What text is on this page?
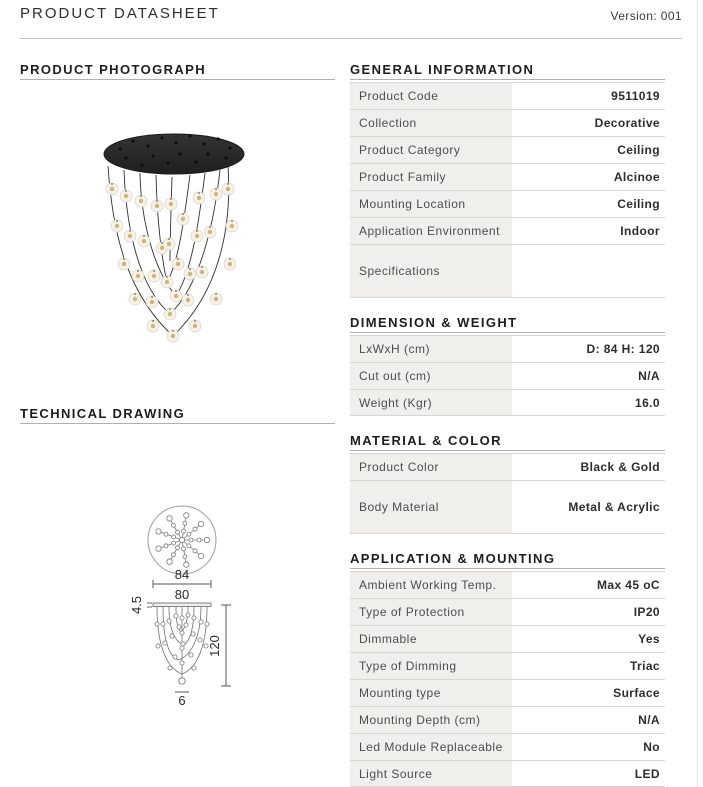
PRODUCT DATASHEET	Version: 001
PRODUCT PHOTOGRAPH
TECHNICAL DRAWING
84
80
4.5
120
6
GENERAL INFORMATION
Product Code	9511019
Collection	Decorative
Product Category	Ceiling
Product Family	Alcinoe
Mounting Location	Ceiling
Application Environment	Indoor
Specifications
DIMENSION & WEIGHT
LxWxH (cm)	D: 84 H: 120
Cut out (cm)	N/A
Weight (Kgr)	16.0
MATERIAL & COLOR
Product Color	Black & Gold
Body Material	Metal & Acrylic
APPLICATION & MOUNTING
Ambient Working Temp.	Max 45 oC
Type of Protection	IP20
Dimmable	Yes
Type of Dimming	Triac
Mounting type	Surface
Mounting Depth (cm)	N/A
Led Module Replaceable	No
Light Source	LED
